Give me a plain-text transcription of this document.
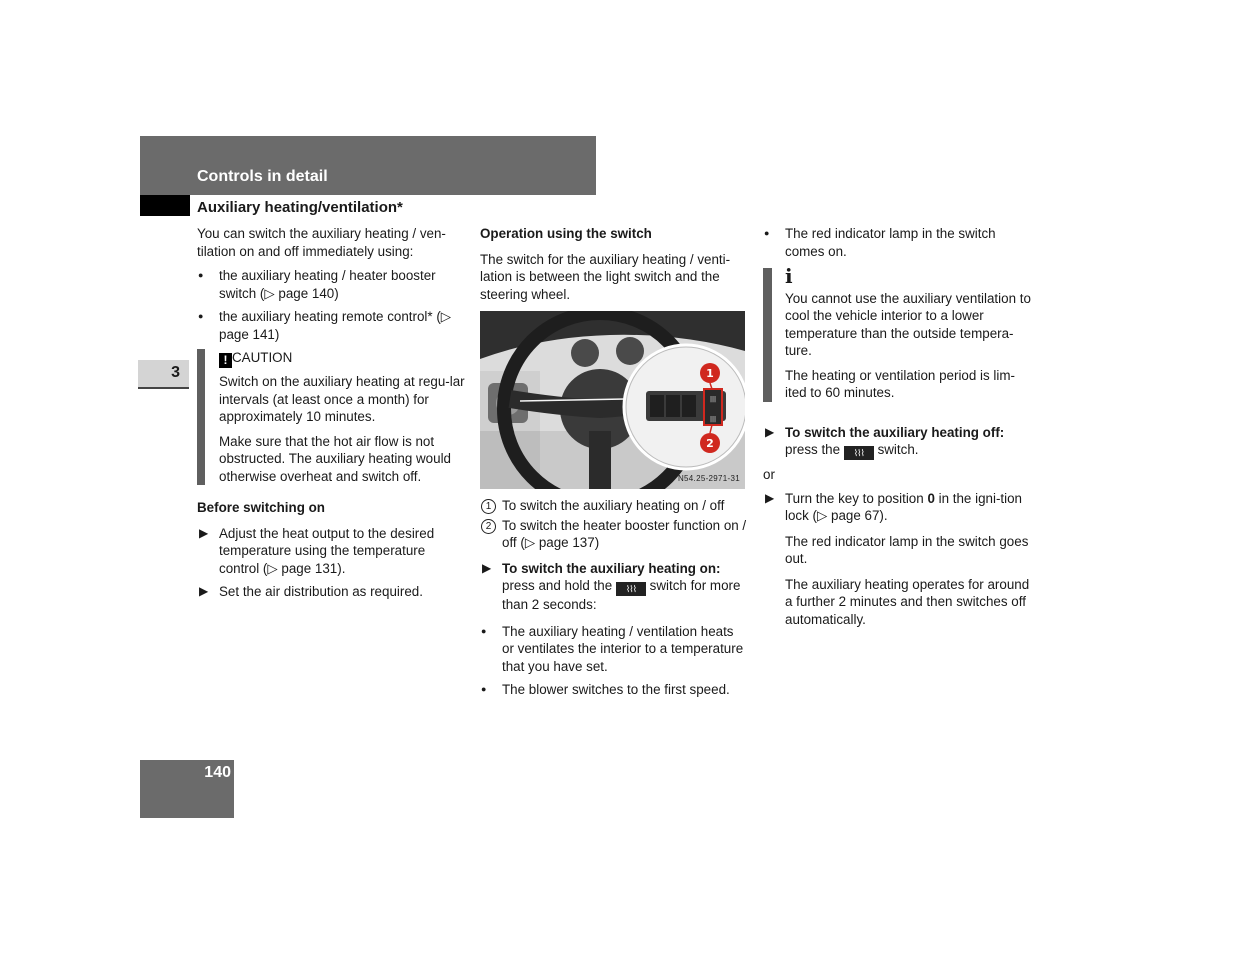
Controls in detail
Auxiliary heating/ventilation*
3
140

You can switch the auxiliary heating / ven-tilation on and off immediately using:

● the auxiliary heating / heater booster switch (▷ page 140)
● the auxiliary heating remote control* (▷ page 141)

! CAUTION

Switch on the auxiliary heating at regu-lar intervals (at least once a month) for approximately 10 minutes.

Make sure that the hot air flow is not obstructed. The auxiliary heating would otherwise overheat and switch off.

Before switching on

▶ Adjust the heat output to the desired temperature using the temperature control (▷ page 131).
▶ Set the air distribution as required.

Operation using the switch

The switch for the auxiliary heating / venti-lation is between the light switch and the steering wheel.

|||
|||
1
2
N54.25-2971-31
1 To switch the auxiliary heating on / off
2 To switch the heater booster function on / off (▷ page 137)
▶ To switch the auxiliary heating on:
press and hold the ⌇⌇⌇ switch for more than 2 seconds:
● The auxiliary heating / ventilation heats or ventilates the interior to a temperature that you have set.
● The blower switches to the first speed.
● The red indicator lamp in the switch comes on.
i

You cannot use the auxiliary ventilation to cool the vehicle interior to a lower temperature than the outside tempera-ture.

The heating or ventilation period is lim-ited to 60 minutes.

▶ To switch the auxiliary heating off:
press the ⌇⌇⌇ switch.

or

▶ Turn the key to position 0 in the igni-tion lock (▷ page 67).

The red indicator lamp in the switch goes out.

The auxiliary heating operates for around a further 2 minutes and then switches off automatically.
